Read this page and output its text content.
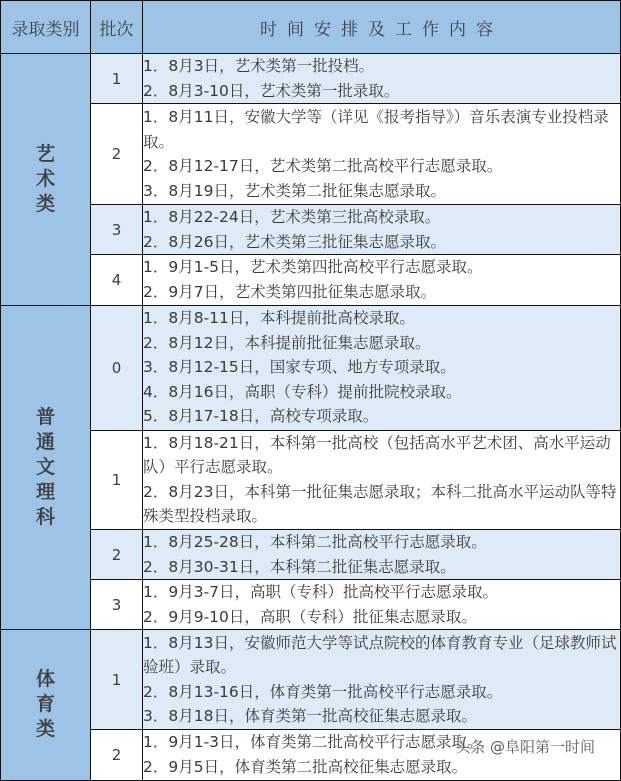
录取类别	批次	时间安排及工作内容
艺术类	1	1．8月3日，艺术类第一批投档。
2．8月3-10日，艺术类第一批录取。

	2	1．8月11日，安徽大学等（详见《报考指导》）音乐表演专业投档录取。
2．8月12-17日，艺术类第二批高校平行志愿录取。
3．8月19日，艺术类第二批征集志愿录取。

	3	1．8月22-24日，艺术类第三批高校录取。
2．8月26日，艺术类第三批征集志愿录取。

	4	1．9月1-5日，艺术类第四批高校平行志愿录取。
2．9月7日，艺术类第四批征集志愿录取。

普通文理科	0	1．8月8-11日，本科提前批高校录取。
2．8月12日，本科提前批征集志愿录取。
3．8月12-15日，国家专项、地方专项录取。
4．8月16日，高职（专科）提前批院校录取。
5．8月17-18日，高校专项录取。

	1	1．8月18-21日，本科第一批高校（包括高水平艺术团、高水平运动队）平行志愿录取。
2．8月23日，本科第一批征集志愿录取；本科二批高水平运动队等特殊类型投档录取。

	2	1．8月25-28日，本科第二批高校平行志愿录取。
2．8月30-31日，本科第二批征集志愿录取。

	3	1．9月3-7日，高职（专科）批高校平行志愿录取。
2．9月9-10日，高职（专科）批征集志愿录取。

体育类	1	1．8月13日，安徽师范大学等试点院校的体育教育专业（足球教师试验班）录取。
2．8月13-16日，体育类第一批高校平行志愿录取。
3．8月18日，体育类第一批高校征集志愿录取。

	2	1．9月1-3日，体育类第二批高校平行志愿录取。
2．9月5日，体育类第二批高校征集志愿录取。
头条 @阜阳第一时间
